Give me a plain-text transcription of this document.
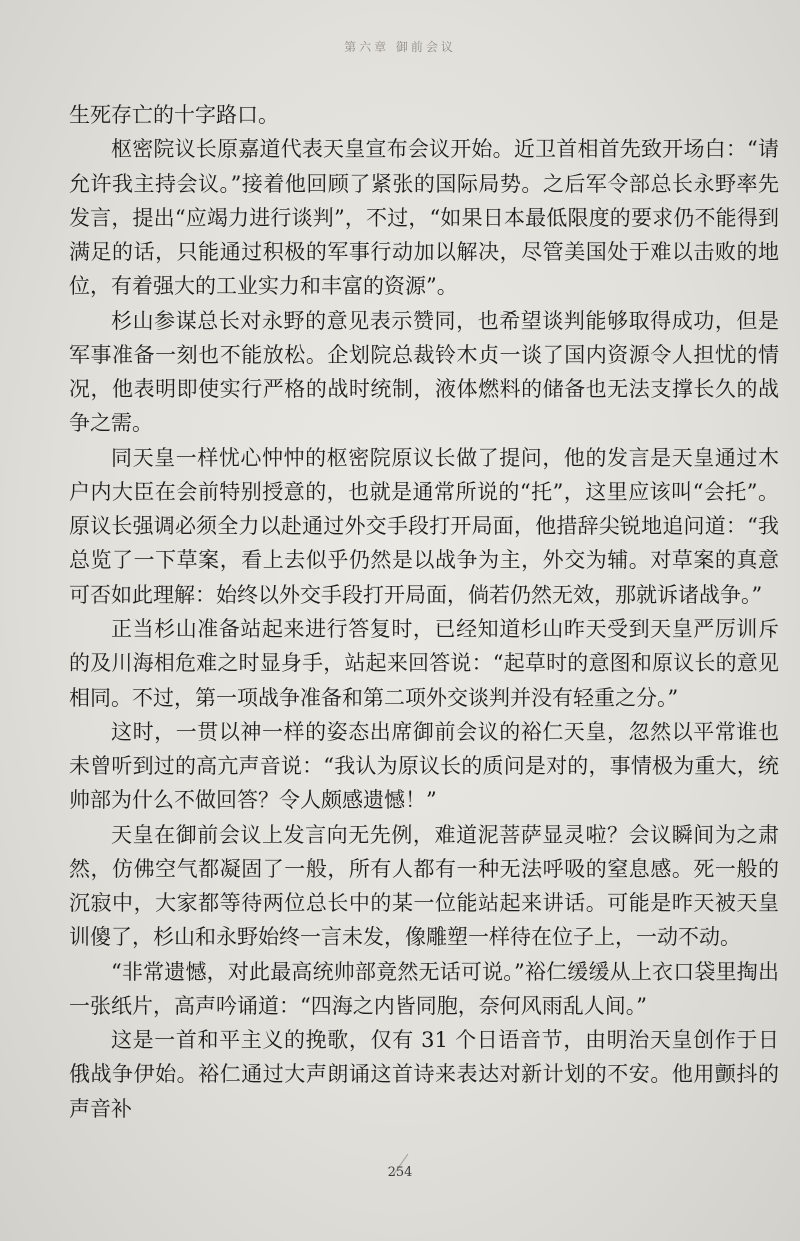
第六章 御前会议

生死存亡的十字路口。

枢密院议长原嘉道代表天皇宣布会议开始。近卫首相首先致开场白：“请允许我主持会议。”接着他回顾了紧张的国际局势。之后军令部总长永野率先发言，提出“应竭力进行谈判”，不过，“如果日本最低限度的要求仍不能得到满足的话，只能通过积极的军事行动加以解决，尽管美国处于难以击败的地位，有着强大的工业实力和丰富的资源”。

杉山参谋总长对永野的意见表示赞同，也希望谈判能够取得成功，但是军事准备一刻也不能放松。企划院总裁铃木贞一谈了国内资源令人担忧的情况，他表明即使实行严格的战时统制，液体燃料的储备也无法支撑长久的战争之需。

同天皇一样忧心忡忡的枢密院原议长做了提问，他的发言是天皇通过木户内大臣在会前特别授意的，也就是通常所说的“托”，这里应该叫“会托”。原议长强调必须全力以赴通过外交手段打开局面，他措辞尖锐地追问道：“我总览了一下草案，看上去似乎仍然是以战争为主，外交为辅。对草案的真意可否如此理解：始终以外交手段打开局面，倘若仍然无效，那就诉诸战争。”

正当杉山准备站起来进行答复时，已经知道杉山昨天受到天皇严厉训斥的及川海相危难之时显身手，站起来回答说：“起草时的意图和原议长的意见相同。不过，第一项战争准备和第二项外交谈判并没有轻重之分。”

这时，一贯以神一样的姿态出席御前会议的裕仁天皇，忽然以平常谁也未曾听到过的高亢声音说：“我认为原议长的质问是对的，事情极为重大，统帅部为什么不做回答？令人颇感遗憾！”

天皇在御前会议上发言向无先例，难道泥菩萨显灵啦？会议瞬间为之肃然，仿佛空气都凝固了一般，所有人都有一种无法呼吸的窒息感。死一般的沉寂中，大家都等待两位总长中的某一位能站起来讲话。可能是昨天被天皇训傻了，杉山和永野始终一言未发，像雕塑一样待在位子上，一动不动。

“非常遗憾，对此最高统帅部竟然无话可说。”裕仁缓缓从上衣口袋里掏出一张纸片，高声吟诵道：“四海之内皆同胞，奈何风雨乱人间。”

这是一首和平主义的挽歌，仅有 31 个日语音节，由明治天皇创作于日俄战争伊始。裕仁通过大声朗诵这首诗来表达对新计划的不安。他用颤抖的声音补

254
